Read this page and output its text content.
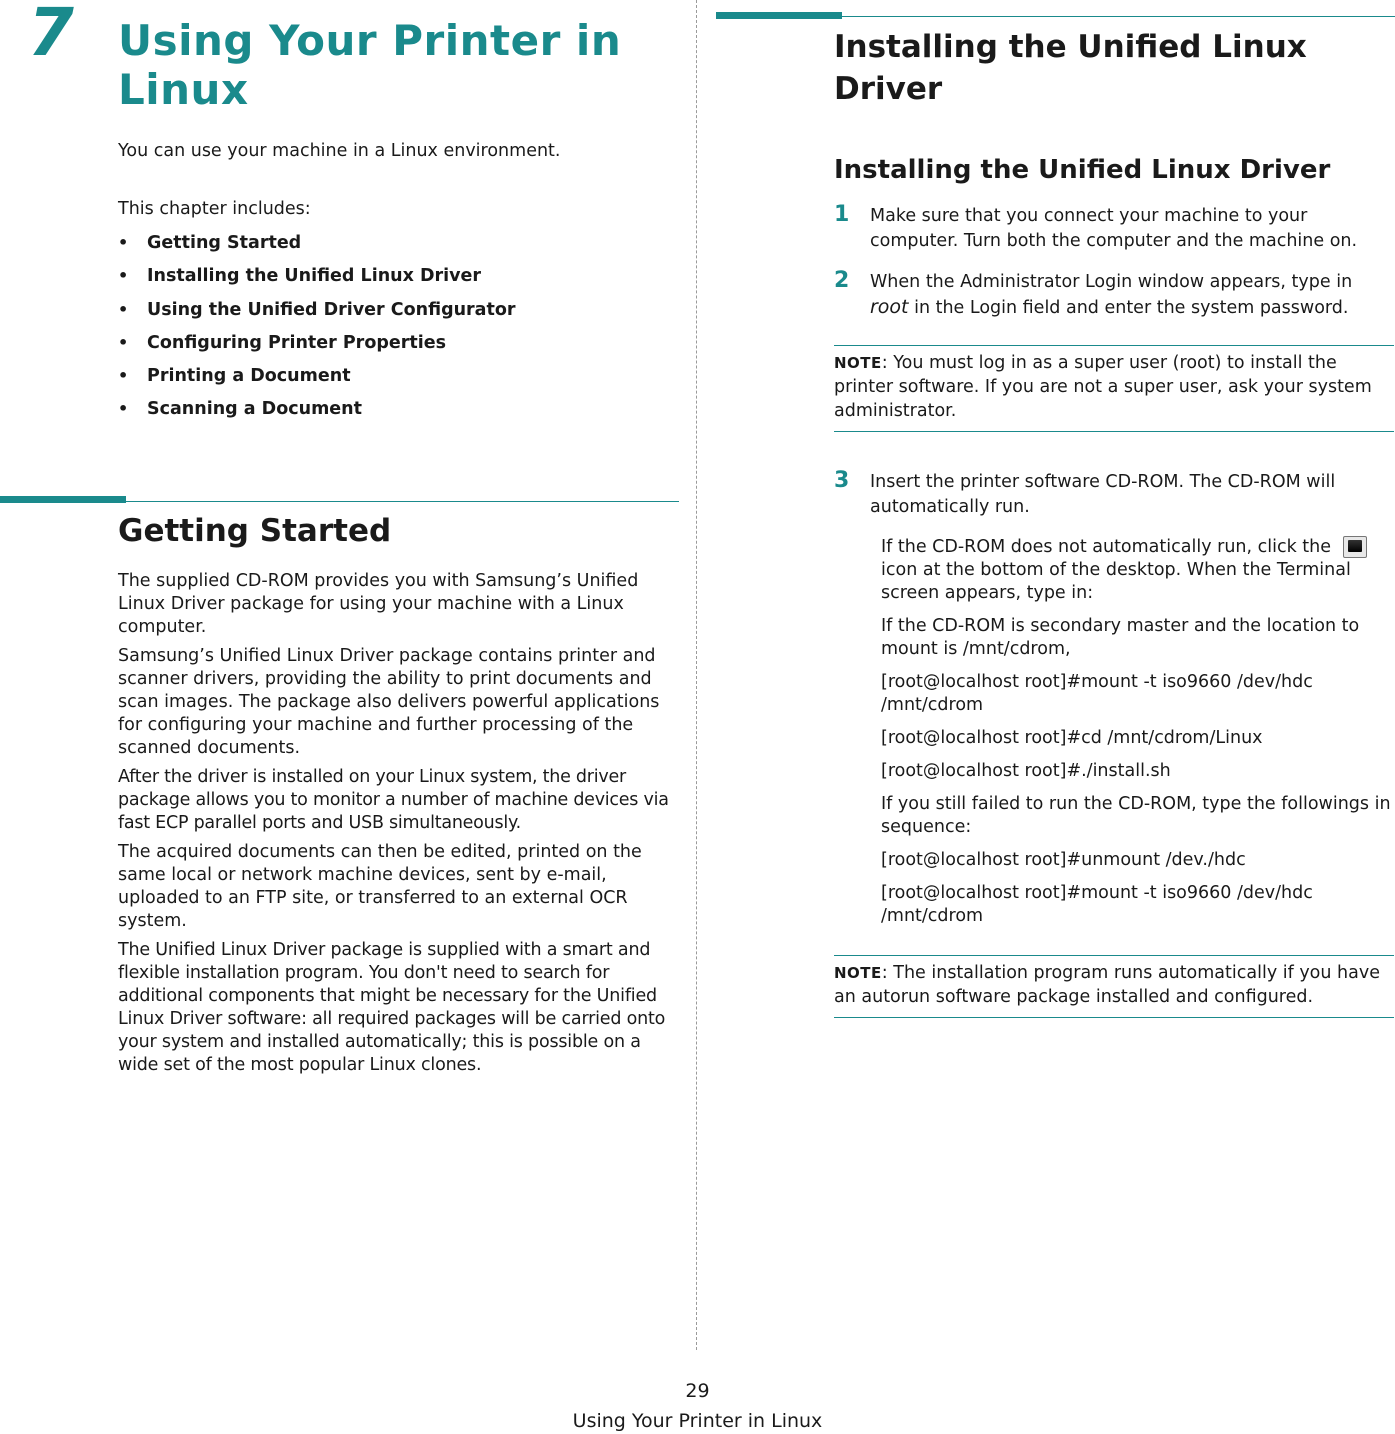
7 Using Your Printer in Linux
You can use your machine in a Linux environment.
This chapter includes:
•	Getting Started
•	Installing the Unified Linux Driver
•	Using the Unified Driver Configurator
•	Configuring Printer Properties
•	Printing a Document
•	Scanning a Document
Getting Started

The supplied CD-ROM provides you with Samsung’s Unified Linux Driver package for using your machine with a Linux computer.

Samsung’s Unified Linux Driver package contains printer and scanner drivers, providing the ability to print documents and scan images. The package also delivers powerful applications for configuring your machine and further processing of the scanned documents.

After the driver is installed on your Linux system, the driver package allows you to monitor a number of machine devices via fast ECP parallel ports and USB simultaneously.

The acquired documents can then be edited, printed on the same local or network machine devices, sent by e-mail, uploaded to an FTP site, or transferred to an external OCR system.

The Unified Linux Driver package is supplied with a smart and flexible installation program. You don't need to search for additional components that might be necessary for the Unified Linux Driver software: all required packages will be carried onto your system and installed automatically; this is possible on a wide set of the most popular Linux clones.

Installing the Unified Linux Driver
Installing the Unified Linux Driver
1	Make sure that you connect your machine to your computer. Turn both the computer and the machine on.
2	When the Administrator Login window appears, type in root in the Login field and enter the system password.
NOTE: You must log in as a super user (root) to install the printer software. If you are not a super user, ask your system administrator.
3	Insert the printer software CD-ROM. The CD-ROM will automatically run.

If the CD-ROM does not automatically run, click the  icon at the bottom of the desktop. When the Terminal screen appears, type in:

If the CD-ROM is secondary master and the location to mount is /mnt/cdrom,

[root@localhost root]#mount -t iso9660 /dev/hdc /mnt/cdrom

[root@localhost root]#cd /mnt/cdrom/Linux

[root@localhost root]#./install.sh

If you still failed to run the CD-ROM, type the followings in sequence:

[root@localhost root]#unmount /dev./hdc

[root@localhost root]#mount -t iso9660 /dev/hdc /mnt/cdrom

NOTE: The installation program runs automatically if you have an autorun software package installed and configured.
29
Using Your Printer in Linux
